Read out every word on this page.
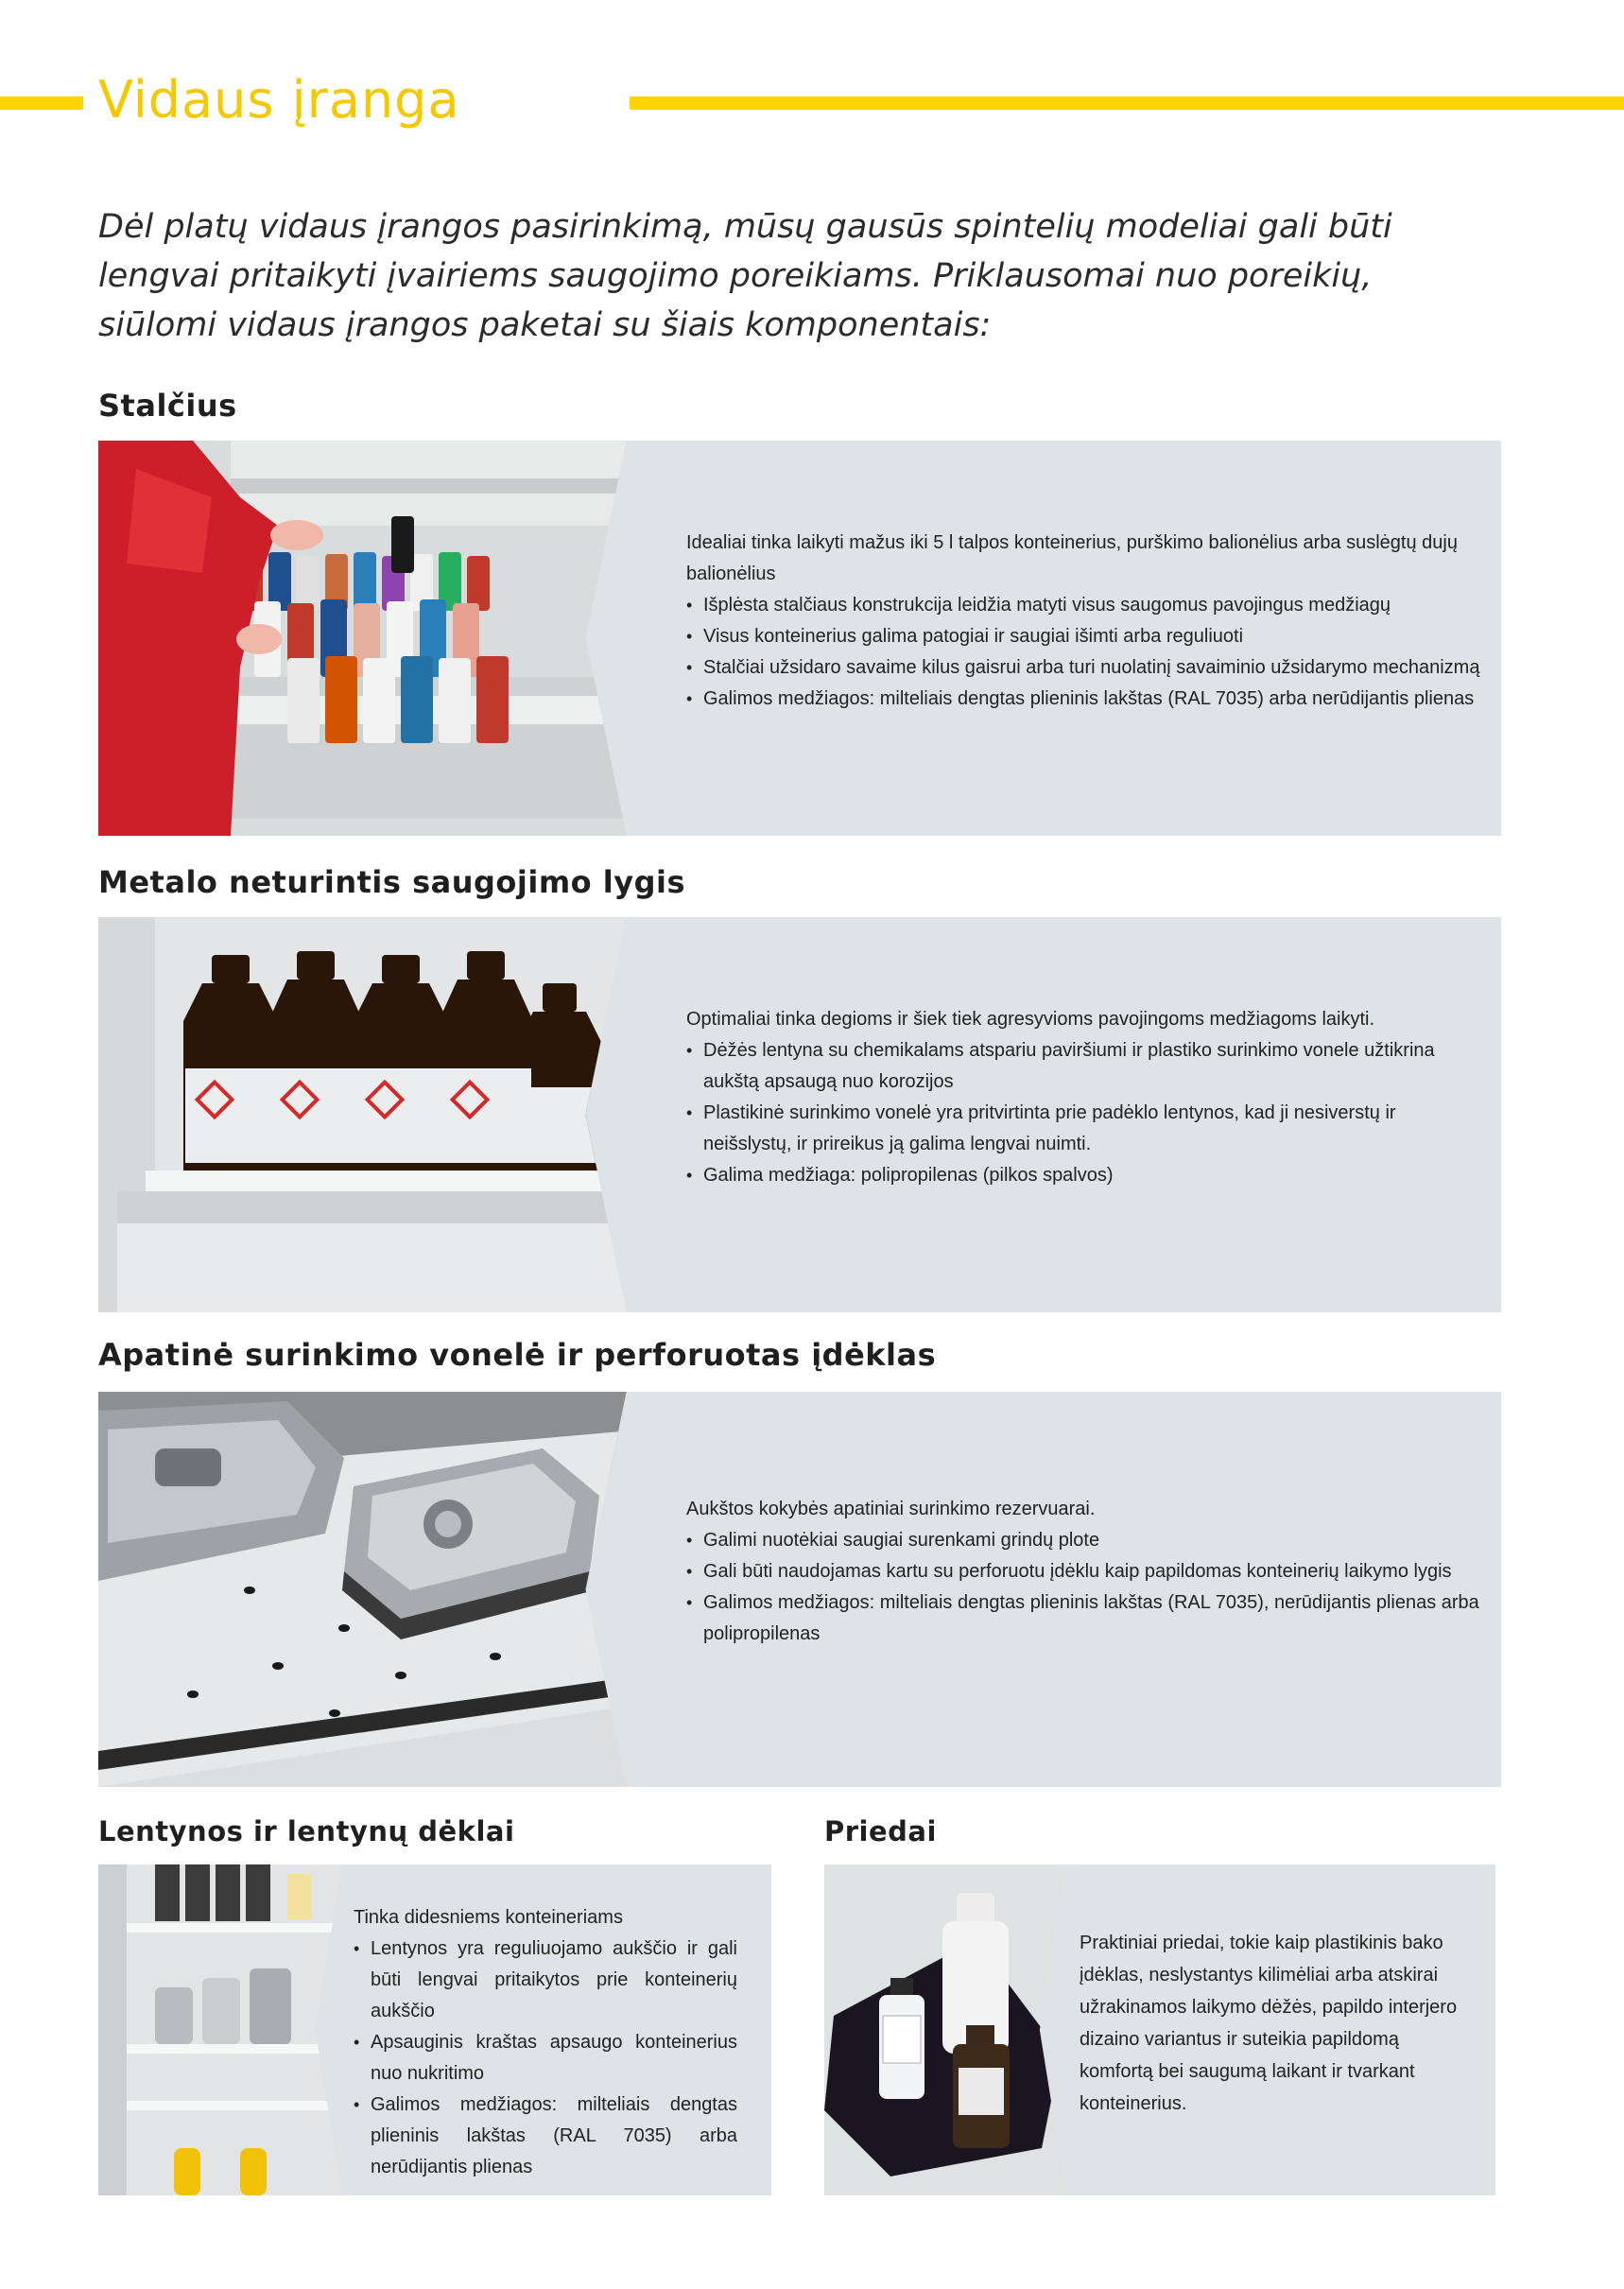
Vidaus įranga

Dėl platų vidaus įrangos pasirinkimą, mūsų gausūs spintelių modeliai gali būti lengvai pritaikyti įvairiems saugojimo poreikiams. Priklausomai nuo poreikių, siūlomi vidaus įrangos paketai su šiais komponentais:

Stalčius
Idealiai tinka laikyti mažus iki 5 l talpos konteinerius, purškimo balionėlius arba suslėgtų dujų balionėlius
• Išplėsta stalčiaus konstrukcija leidžia matyti visus saugomus pavojingus medžiagų
• Visus konteinerius galima patogiai ir saugiai išimti arba reguliuoti
• Stalčiai užsidaro savaime kilus gaisrui arba turi nuolatinį savaiminio užsidarymo mechanizmą
• Galimos medžiagos: milteliais dengtas plieninis lakštas (RAL 7035) arba nerūdijantis plienas
Metalo neturintis saugojimo lygis
Optimaliai tinka degioms ir šiek tiek agresyvioms pavojingoms medžiagoms laikyti.
• Dėžės lentyna su chemikalams atspariu paviršiumi ir plastiko surinkimo vonele užtikrina aukštą apsaugą nuo korozijos
• Plastikinė surinkimo vonelė yra pritvirtinta prie padėklo lentynos, kad ji nesiverstų ir neišslystų, ir prireikus ją galima lengvai nuimti.
• Galima medžiaga: polipropilenas (pilkos spalvos)
Apatinė surinkimo vonelė ir perforuotas įdėklas
Aukštos kokybės apatiniai surinkimo rezervuarai.
• Galimi nuotėkiai saugiai surenkami grindų plote
• Gali būti naudojamas kartu su perforuotu įdėklu kaip papildomas konteinerių laikymo lygis
• Galimos medžiagos: milteliais dengtas plieninis lakštas (RAL 7035), nerūdijantis plienas arba polipropilenas
Lentynos ir lentynų dėklai
Tinka didesniems konteineriams
• Lentynos yra reguliuojamo aukščio ir gali būti lengvai pritaikytos prie konteinerių aukščio
• Apsauginis kraštas apsaugo konteinerius nuo nukritimo
• Galimos medžiagos: milteliais dengtas plieninis lakštas (RAL 7035) arba nerūdijantis plienas
Priedai
Praktiniai priedai, tokie kaip plastikinis bako įdėklas, neslystantys kilimėliai arba atskirai užrakinamos laikymo dėžės, papildo interjero dizaino variantus ir suteikia papildomą komfortą bei saugumą laikant ir tvarkant konteinerius.
